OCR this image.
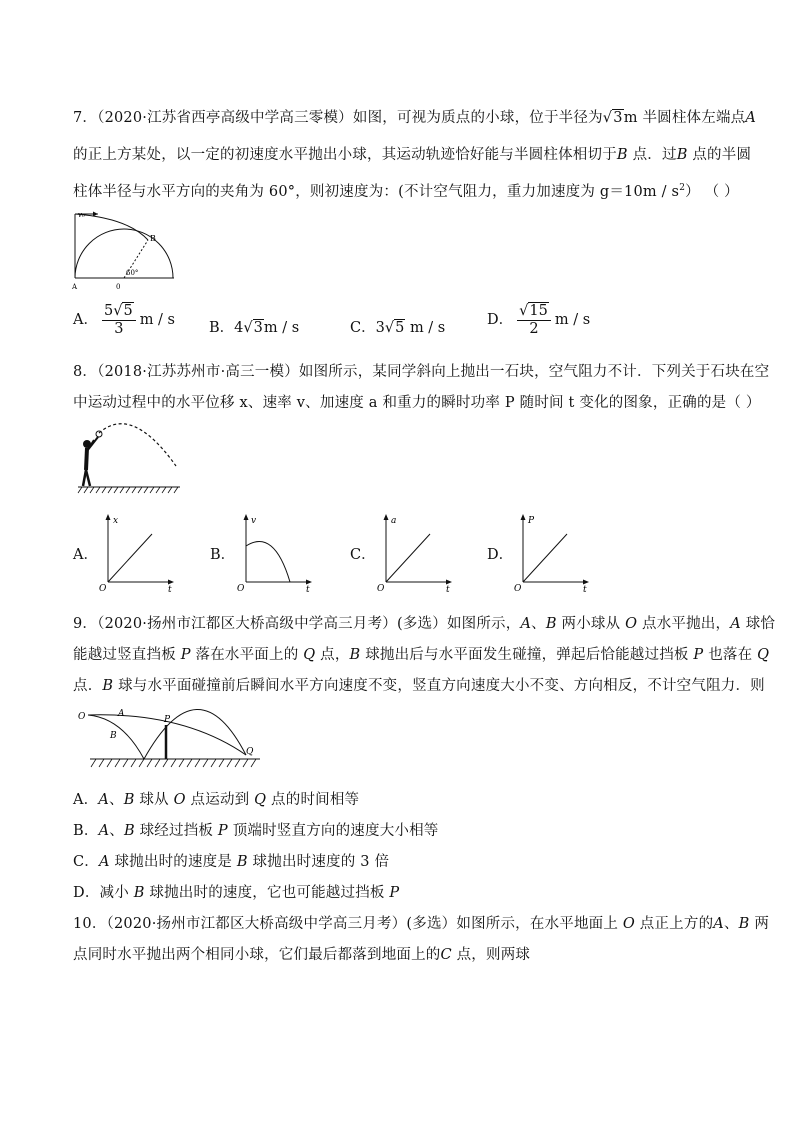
7．（2020·江苏省西亭高级中学高三零模）如图，可视为质点的小球，位于半径为√3m 半圆柱体左端点A
的正上方某处，以一定的初速度水平抛出小球，其运动轨迹恰好能与半圆柱体相切于B 点．过B 点的半圆
柱体半径与水平方向的夹角为 60°，则初速度为：(不计空气阻力，重力加速度为 $g=10m / s^2$） （ ）
v₀
B
A	0
60°
A． $\frac{5√5}{3}$ m / s B．4√3m / s	C．3√5 m / s	D． $\frac{√15}{2}$ m / s
8．（2018·江苏苏州市·高三一模）如图所示，某同学斜向上抛出一石块，空气阻力不计．下列关于石块在空
中运动过程中的水平位移 x、速率 v、加速度 a 和重力的瞬时功率 P 随时间 t 变化的图象，正确的是（ ）
A．
x
O	t
B．
v
O	t
C．
a
O	t
D．
P
O	t
9．（2020·扬州市江都区大桥高级中学高三月考）(多选）如图所示，A、B 两小球从 O 点水平抛出，A 球恰
能越过竖直挡板 P 落在水平面上的 Q 点，B 球抛出后与水平面发生碰撞，弹起后恰能越过挡板 P 也落在 Q
点．B 球与水平面碰撞前后瞬间水平方向速度不变，竖直方向速度大小不变、方向相反，不计空气阻力．则
O	A
B
P
Q
A．A、B 球从 O 点运动到 Q 点的时间相等
B．A、B 球经过挡板 P 顶端时竖直方向的速度大小相等
C．A 球抛出时的速度是 B 球抛出时速度的 3 倍
D．减小 B 球抛出时的速度，它也可能越过挡板 P
10．（2020·扬州市江都区大桥高级中学高三月考）(多选）如图所示，在水平地面上 O 点正上方的A、B 两
点同时水平抛出两个相同小球，它们最后都落到地面上的C 点，则两球
